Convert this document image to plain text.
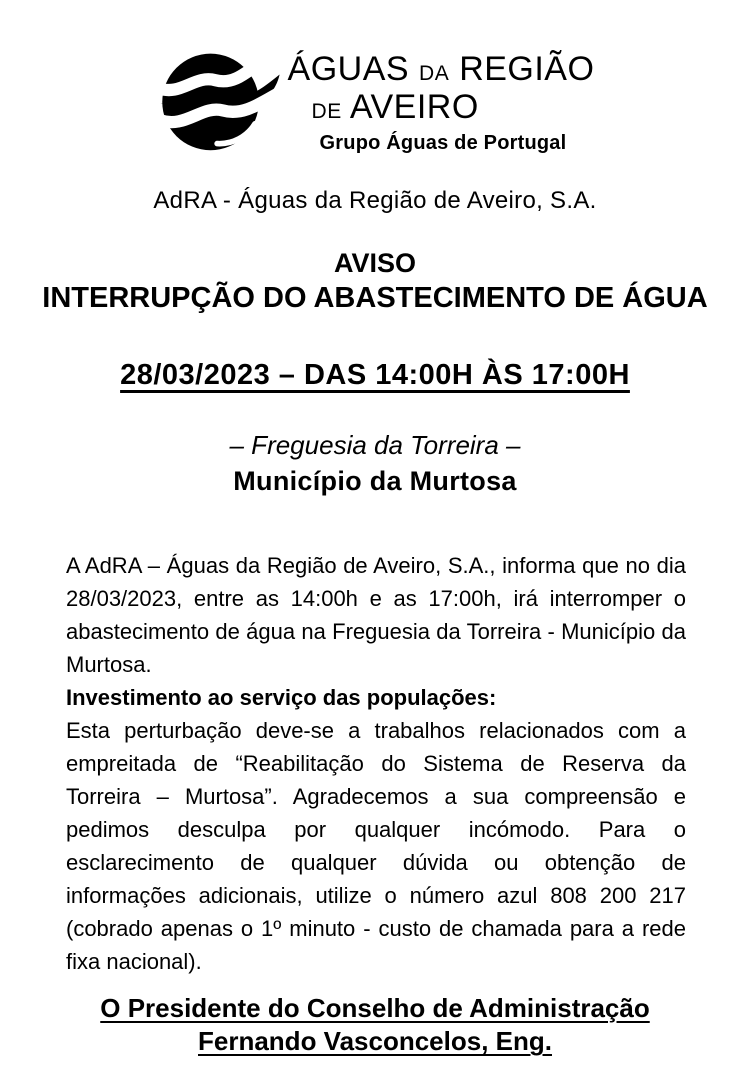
ÁGUAS DA REGIÃO
DE AVEIRO
Grupo Águas de Portugal
AdRA - Águas da Região de Aveiro, S.A.
AVISO
INTERRUPÇÃO DO ABASTECIMENTO DE ÁGUA
28/03/2023 – DAS 14:00H ÀS 17:00H
– Freguesia da Torreira –
Município da Murtosa

A AdRA – Águas da Região de Aveiro, S.A., informa que no dia 28/03/2023, entre as 14:00h e as 17:00h, irá interromper o abastecimento de água na Freguesia da Torreira - Município da Murtosa.

Investimento ao serviço das populações:

Esta perturbação deve-se a trabalhos relacionados com a empreitada de “Reabilitação do Sistema de Reserva da Torreira – Murtosa”. Agradecemos a sua compreensão e pedimos desculpa por qualquer incómodo. Para o esclarecimento de qualquer dúvida ou obtenção de informações adicionais, utilize o número azul 808 200 217 (cobrado apenas o 1º minuto - custo de chamada para a rede fixa nacional).

O Presidente do Conselho de Administração
Fernando Vasconcelos, Eng.
